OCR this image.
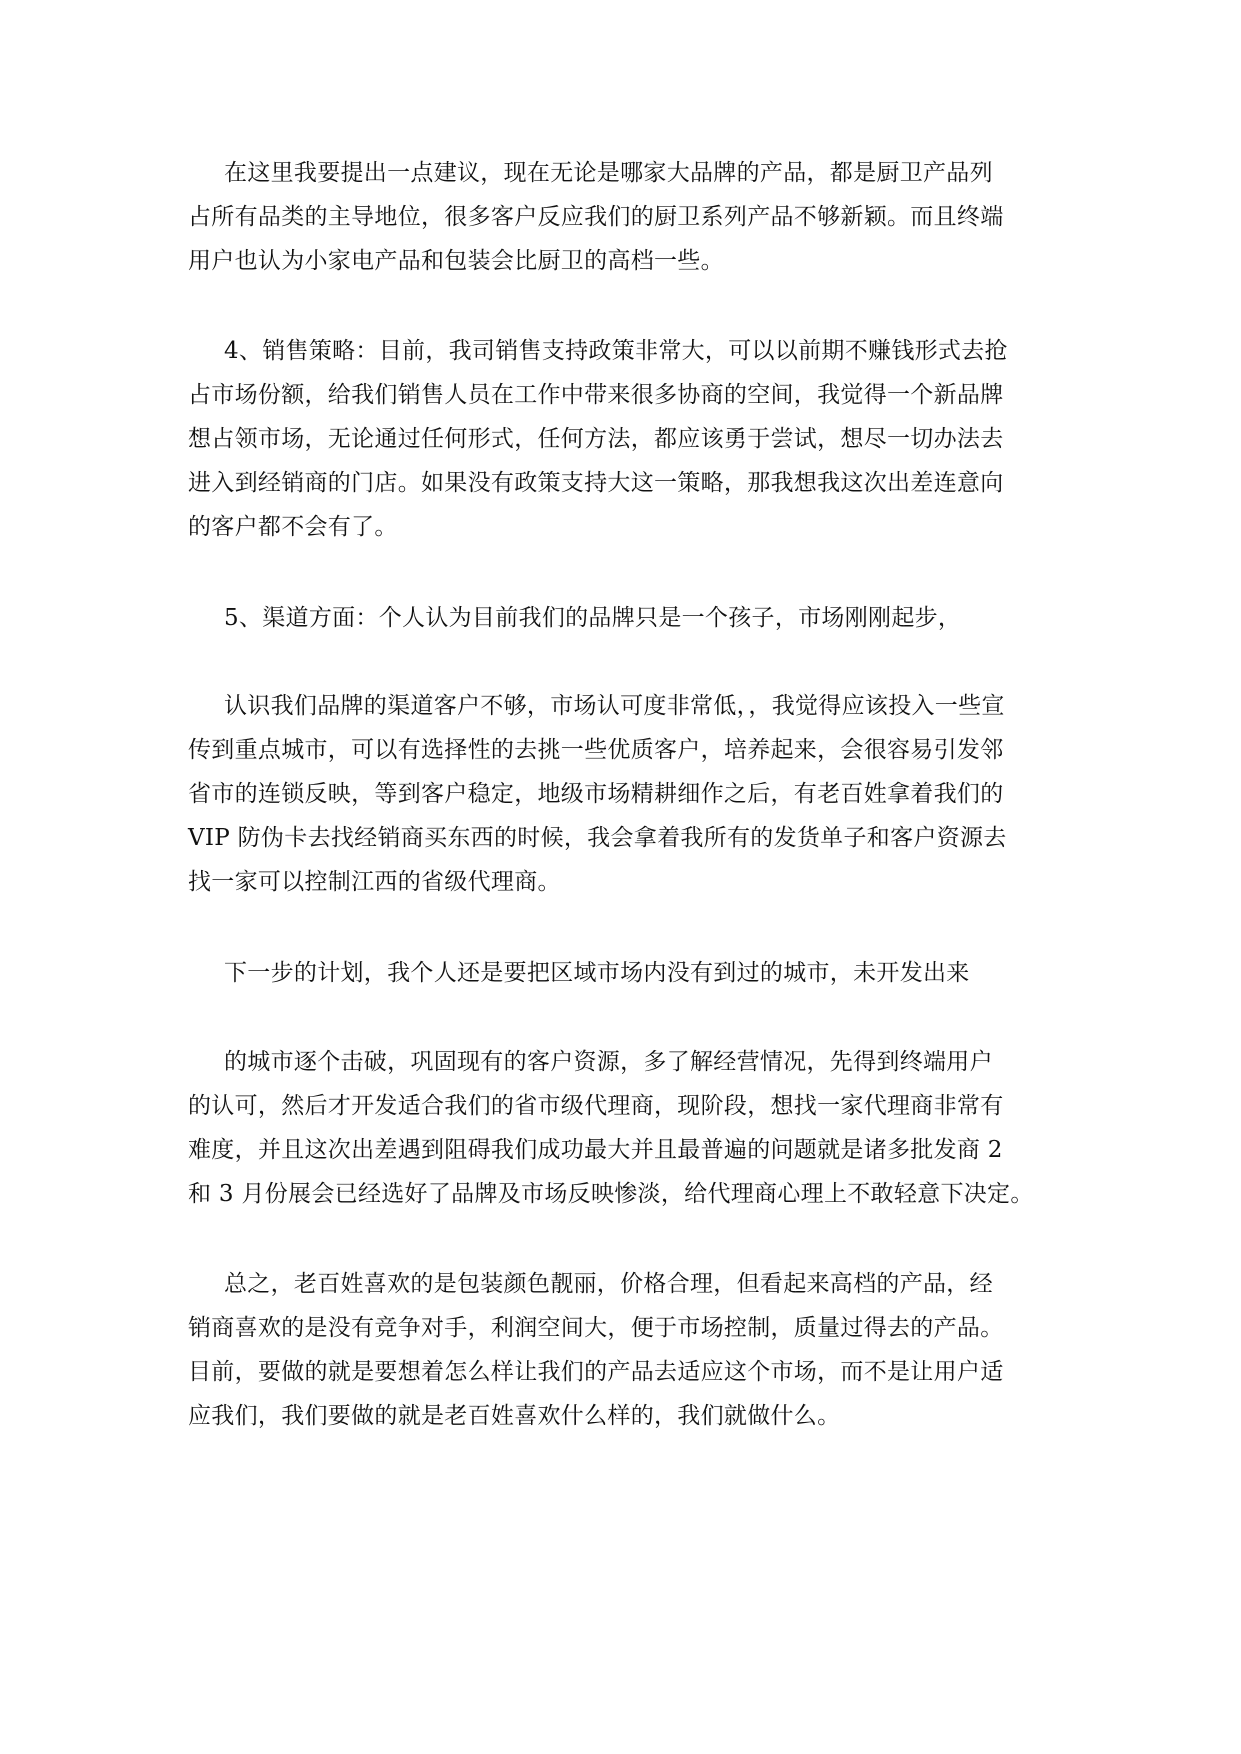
在这里我要提出一点建议，现在无论是哪家大品牌的产品，都是厨卫产品列
占所有品类的主导地位，很多客户反应我们的厨卫系列产品不够新颖。而且终端
用户也认为小家电产品和包装会比厨卫的高档一些。
4、销售策略：目前，我司销售支持政策非常大，可以以前期不赚钱形式去抢
占市场份额，给我们销售人员在工作中带来很多协商的空间，我觉得一个新品牌
想占领市场，无论通过任何形式，任何方法，都应该勇于尝试，想尽一切办法去
进入到经销商的门店。如果没有政策支持大这一策略，那我想我这次出差连意向
的客户都不会有了。
5、渠道方面：个人认为目前我们的品牌只是一个孩子，市场刚刚起步，
认识我们品牌的渠道客户不够，市场认可度非常低，，我觉得应该投入一些宣
传到重点城市，可以有选择性的去挑一些优质客户，培养起来，会很容易引发邻
省市的连锁反映，等到客户稳定，地级市场精耕细作之后，有老百姓拿着我们的
VIP 防伪卡去找经销商买东西的时候，我会拿着我所有的发货单子和客户资源去
找一家可以控制江西的省级代理商。
下一步的计划，我个人还是要把区域市场内没有到过的城市，未开发出来
的城市逐个击破，巩固现有的客户资源，多了解经营情况，先得到终端用户
的认可，然后才开发适合我们的省市级代理商，现阶段，想找一家代理商非常有
难度，并且这次出差遇到阻碍我们成功最大并且最普遍的问题就是诸多批发商 2
和 3 月份展会已经选好了品牌及市场反映惨淡，给代理商心理上不敢轻意下决定。
总之，老百姓喜欢的是包装颜色靓丽，价格合理，但看起来高档的产品，经
销商喜欢的是没有竞争对手，利润空间大，便于市场控制，质量过得去的产品。
目前，要做的就是要想着怎么样让我们的产品去适应这个市场，而不是让用户适
应我们，我们要做的就是老百姓喜欢什么样的，我们就做什么。
